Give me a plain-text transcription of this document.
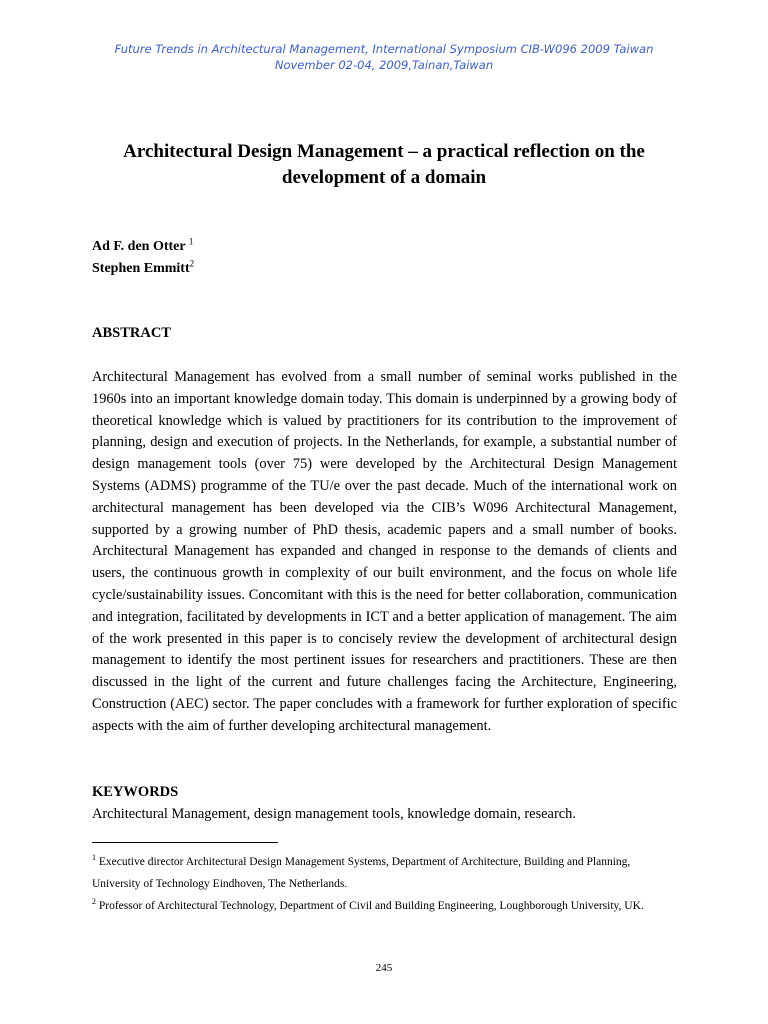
Future Trends in Architectural Management, International Symposium CIB-W096 2009 Taiwan
November 02-04, 2009,Tainan,Taiwan
Architectural Design Management – a practical reflection on the
development of a domain
Ad F. den Otter $^1$
Stephen Emmitt$^2$
ABSTRACT
Architectural Management has evolved from a small number of seminal works published in the 1960s into an important knowledge domain today. This domain is underpinned by a growing body of theoretical knowledge which is valued by practitioners for its contribution to the improvement of planning, design and execution of projects. In the Netherlands, for example, a substantial number of design management tools (over 75) were developed by the Architectural Design Management Systems (ADMS) programme of the TU/e over the past decade. Much of the international work on architectural management has been developed via the CIB’s W096 Architectural Management, supported by a growing number of PhD thesis, academic papers and a small number of books. Architectural Management has expanded and changed in response to the demands of clients and users, the continuous growth in complexity of our built environment, and the focus on whole life cycle/sustainability issues. Concomitant with this is the need for better collaboration, communication and integration, facilitated by developments in ICT and a better application of management. The aim of the work presented in this paper is to concisely review the development of architectural design management to identify the most pertinent issues for researchers and practitioners. These are then discussed in the light of the current and future challenges facing the Architecture, Engineering, Construction (AEC) sector. The paper concludes with a framework for further exploration of specific aspects with the aim of further developing architectural management.
KEYWORDS
Architectural Management, design management tools, knowledge domain, research.
$^1$ Executive director Architectural Design Management Systems, Department of Architecture, Building and Planning, University of Technology Eindhoven, The Netherlands.
$^2$ Professor of Architectural Technology, Department of Civil and Building Engineering, Loughborough University, UK.
245
